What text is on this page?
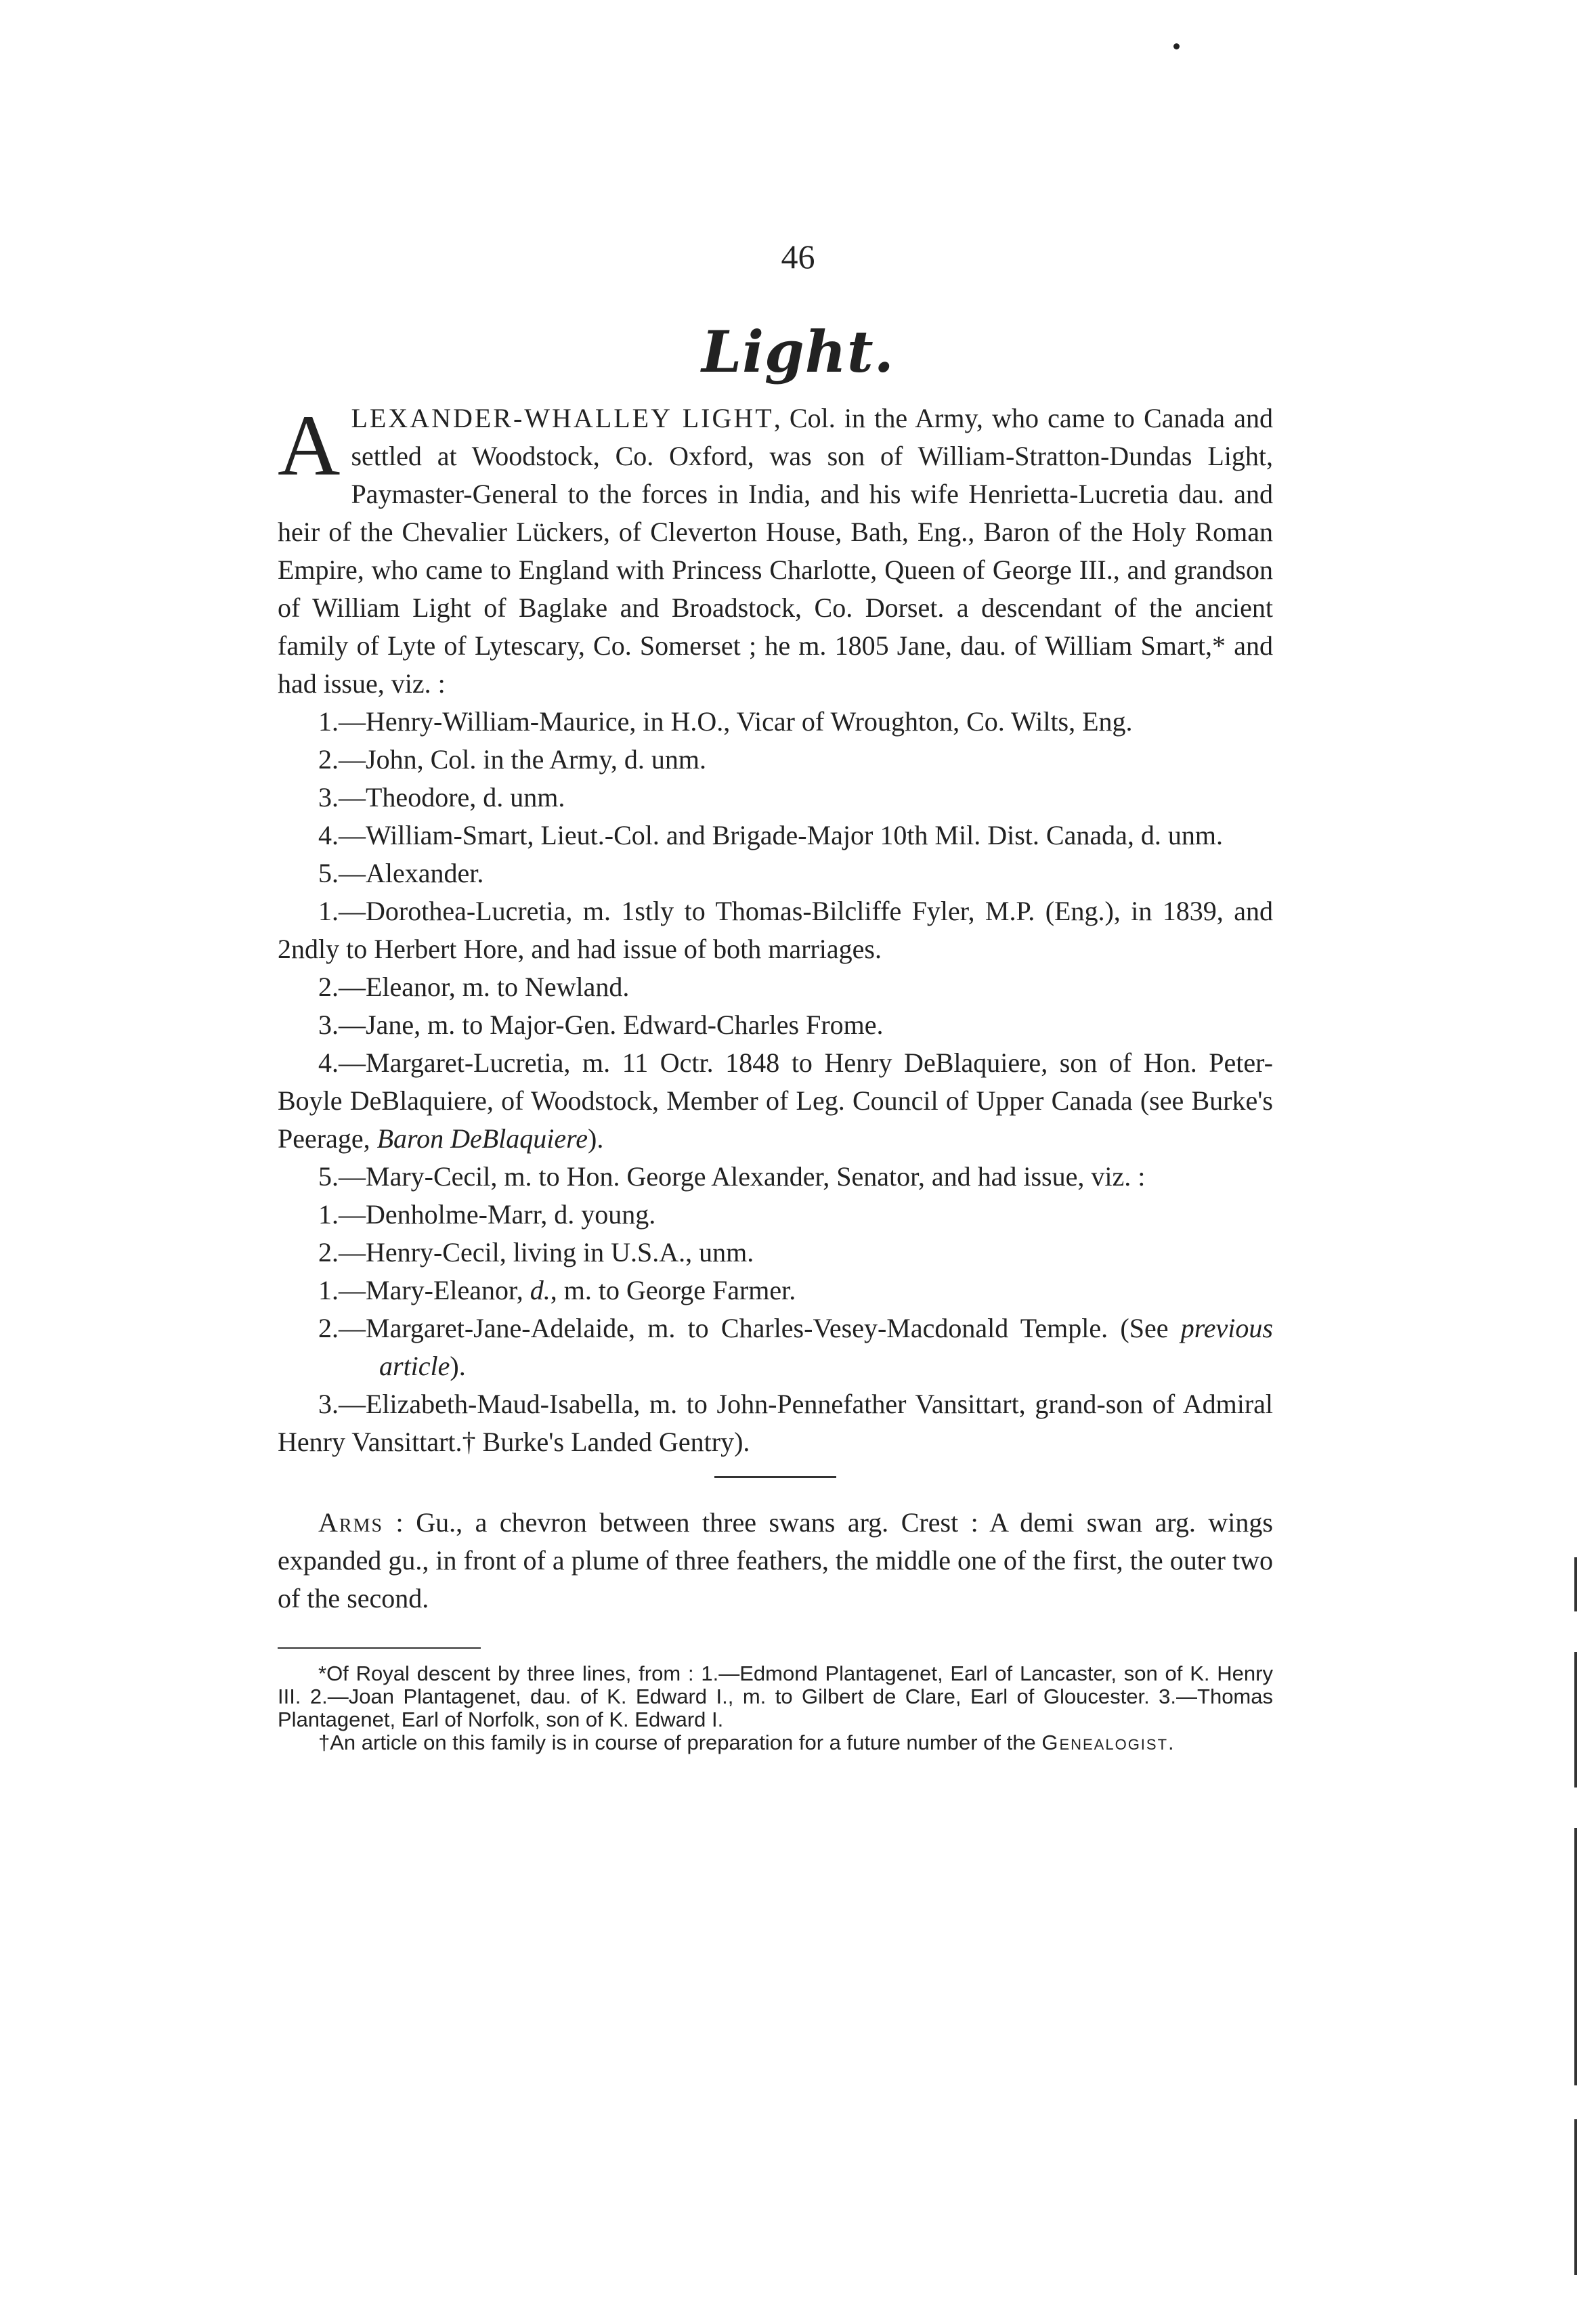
46
Light.

ALEXANDER-WHALLEY LIGHT, Col. in the Army, who came to Canada and settled at Woodstock, Co. Oxford, was son of William-Stratton-Dundas Light, Paymaster-General to the forces in India, and his wife Henrietta-Lucretia dau. and heir of the Chevalier Lückers, of Cleverton House, Bath, Eng., Baron of the Holy Roman Empire, who came to England with Princess Charlotte, Queen of George III., and grandson of William Light of Baglake and Broadstock, Co. Dorset. a descendant of the ancient family of Lyte of Lytescary, Co. Somerset ; he m. 1805 Jane, dau. of William Smart,* and had issue, viz. :

1.—Henry-William-Maurice, in H.O., Vicar of Wroughton, Co. Wilts, Eng.

2.—John, Col. in the Army, d. unm.

3.—Theodore, d. unm.

4.—William-Smart, Lieut.-Col. and Brigade-Major 10th Mil. Dist. Canada, d. unm.

5.—Alexander.

1.—Dorothea-Lucretia, m. 1stly to Thomas-Bilcliffe Fyler, M.P. (Eng.), in 1839, and 2ndly to Herbert Hore, and had issue of both marriages.

2.—Eleanor, m. to Newland.

3.—Jane, m. to Major-Gen. Edward-Charles Frome.

4.—Margaret-Lucretia, m. 11 Octr. 1848 to Henry DeBlaquiere, son of Hon. Peter-Boyle DeBlaquiere, of Woodstock, Member of Leg. Council of Upper Canada (see Burke's Peerage, Baron DeBlaquiere).

5.—Mary-Cecil, m. to Hon. George Alexander, Senator, and had issue, viz. :

1.—Denholme-Marr, d. young.

2.—Henry-Cecil, living in U.S.A., unm.

1.—Mary-Eleanor, d., m. to George Farmer.

2.—Margaret-Jane-Adelaide, m. to Charles-Vesey-Macdonald Temple. (See previous article).

3.—Elizabeth-Maud-Isabella, m. to John-Pennefather Vansittart, grand-son of Admiral Henry Vansittart.† Burke's Landed Gentry).

Arms : Gu., a chevron between three swans arg. Crest : A demi swan arg. wings expanded gu., in front of a plume of three feathers, the middle one of the first, the outer two of the second.

*Of Royal descent by three lines, from : 1.—Edmond Plantagenet, Earl of Lancaster, son of K. Henry III. 2.—Joan Plantagenet, dau. of K. Edward I., m. to Gilbert de Clare, Earl of Gloucester. 3.—Thomas Plantagenet, Earl of Norfolk, son of K. Edward I.

†An article on this family is in course of preparation for a future number of the Genealogist.
